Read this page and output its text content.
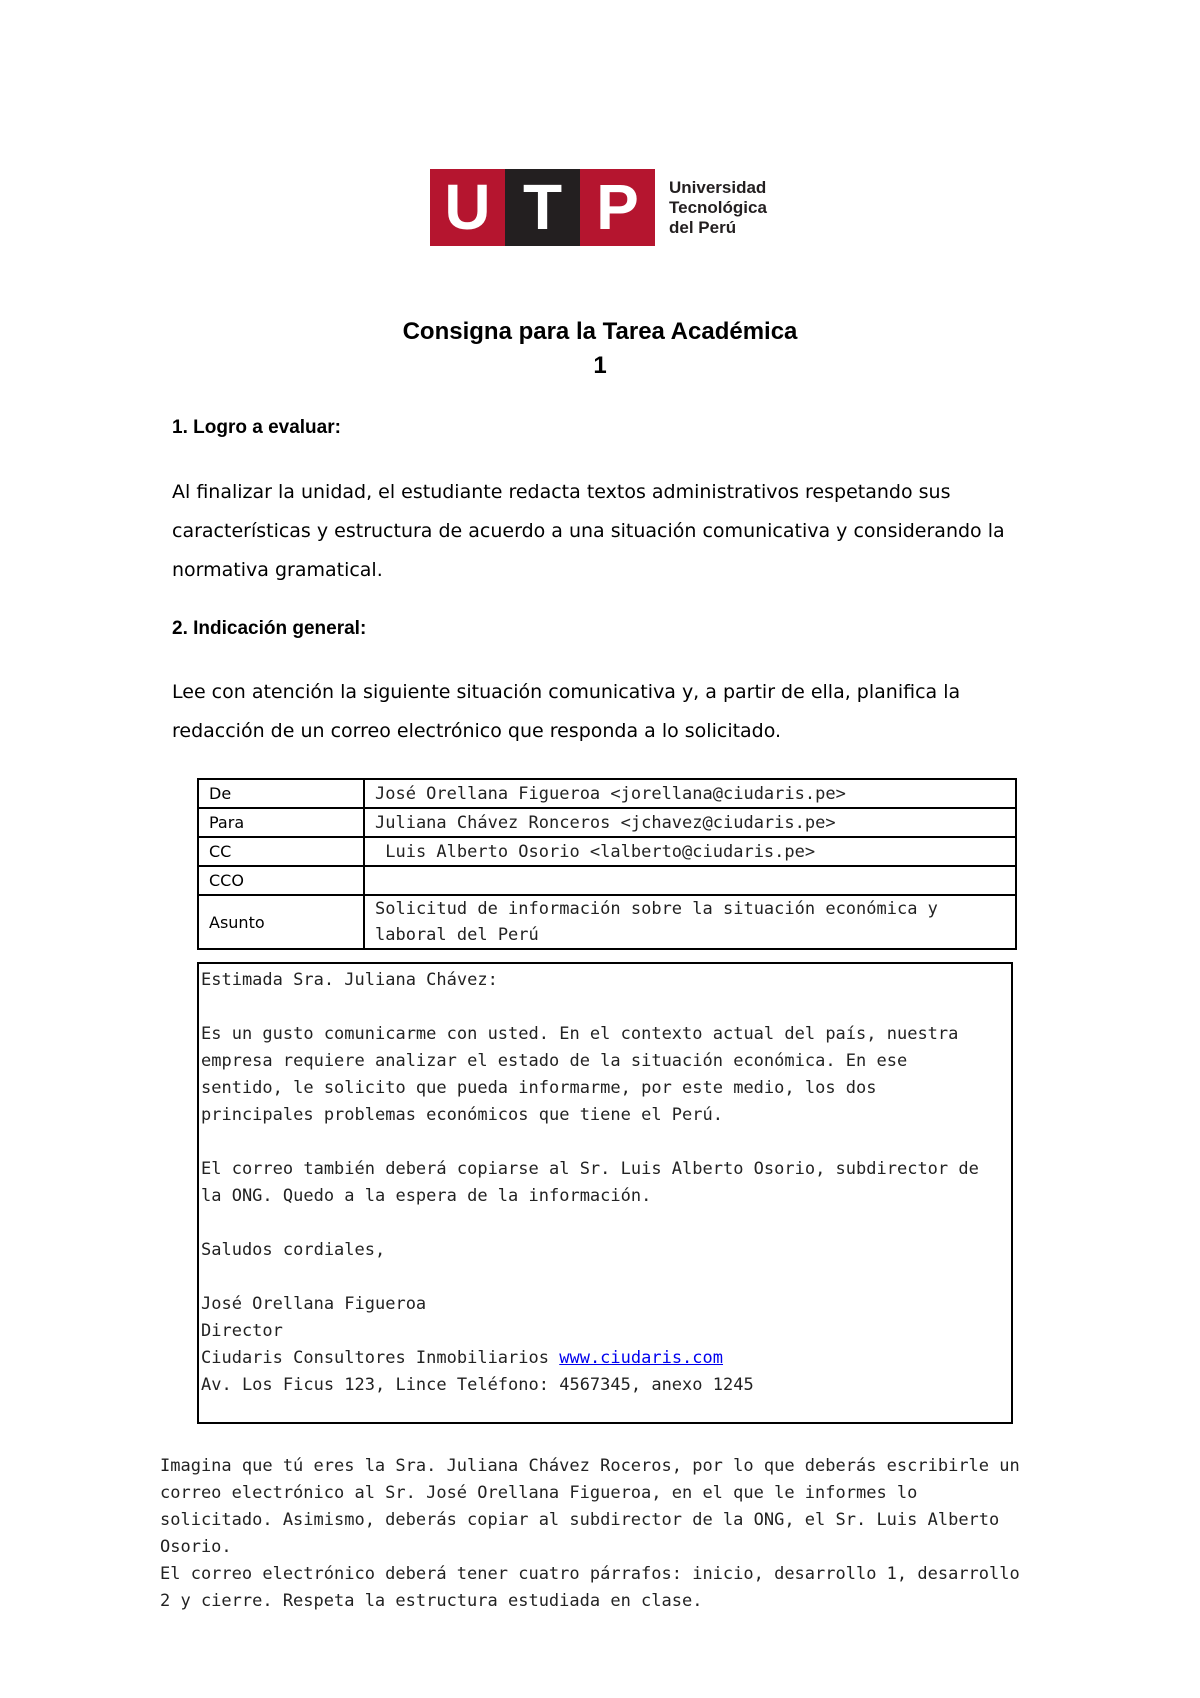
U T P	Universidad
Tecnológica
del Perú
Consigna para la Tarea Académica
1
1. Logro a evaluar:
Al finalizar la unidad, el estudiante redacta textos administrativos respetando sus
características y estructura de acuerdo a una situación comunicativa y considerando la
normativa gramatical.
2. Indicación general:
Lee con atención la siguiente situación comunicativa y, a partir de ella, planifica la
redacción de un correo electrónico que responda a lo solicitado.
De	José Orellana Figueroa <jorellana@ciudaris.pe>
Para	Juliana Chávez Ronceros <jchavez@ciudaris.pe>
CC	Luis Alberto Osorio <lalberto@ciudaris.pe>
CCO	
Asunto	Solicitud de información sobre la situación económica y
laboral del Perú
Estimada Sra. Juliana Chávez:
Es un gusto comunicarme con usted. En el contexto actual del país, nuestra
empresa requiere analizar el estado de la situación económica. En ese
sentido, le solicito que pueda informarme, por este medio, los dos
principales problemas económicos que tiene el Perú.
El correo también deberá copiarse al Sr. Luis Alberto Osorio, subdirector de
la ONG. Quedo a la espera de la información.
Saludos cordiales,
José Orellana Figueroa
Director
Ciudaris Consultores Inmobiliarios www.ciudaris.com
Av. Los Ficus 123, Lince Teléfono: 4567345, anexo 1245
Imagina que tú eres la Sra. Juliana Chávez Roceros, por lo que deberás escribirle un
correo electrónico al Sr. José Orellana Figueroa, en el que le informes lo
solicitado. Asimismo, deberás copiar al subdirector de la ONG, el Sr. Luis Alberto
Osorio.
El correo electrónico deberá tener cuatro párrafos: inicio, desarrollo 1, desarrollo
2 y cierre. Respeta la estructura estudiada en clase.
